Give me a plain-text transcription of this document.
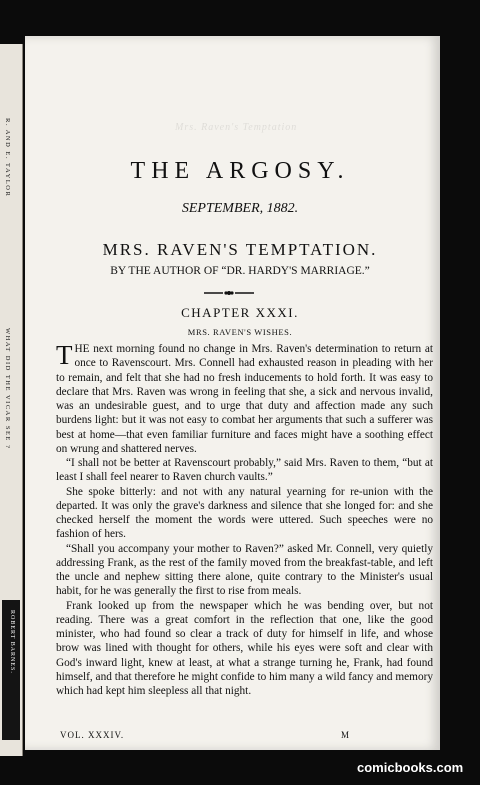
R. AND E. TAYLOR
WHAT DID THE VICAR SEE ?
ROBERT BARNES.
Mrs. Raven's Temptation
THE ARGOSY.
SEPTEMBER, 1882.
MRS. RAVEN'S TEMPTATION.
BY THE AUTHOR OF “DR. HARDY'S MARRIAGE.”
CHAPTER XXXI.
MRS. RAVEN'S WISHES.

THE next morning found no change in Mrs. Raven's determination to return at once to Ravenscourt. Mrs. Connell had exhausted reason in pleading with her to remain, and felt that she had no fresh inducements to hold forth. It was easy to declare that Mrs. Raven was wrong in feeling that she, a sick and nervous invalid, was an undesirable guest, and to urge that duty and affection made any such burdens light: but it was not easy to combat her arguments that such a sufferer was best at home—that even familiar furniture and faces might have a soothing effect on wrung and shattered nerves.

“I shall not be better at Ravenscourt probably,” said Mrs. Raven to them, “but at least I shall feel nearer to Raven church vaults.”

She spoke bitterly: and not with any natural yearning for re-union with the departed. It was only the grave's darkness and silence that she longed for: and she checked herself the moment the words were uttered. Such speeches were no fashion of hers.

“Shall you accompany your mother to Raven?” asked Mr. Connell, very quietly addressing Frank, as the rest of the family moved from the breakfast-table, and left the uncle and nephew sitting there alone, quite contrary to the Minister's usual habit, for he was generally the first to rise from meals.

Frank looked up from the newspaper which he was bending over, but not reading. There was a great comfort in the reflection that one, like the good minister, who had found so clear a track of duty for himself in life, and whose brow was lined with thought for others, while his eyes were soft and clear with God's inward light, knew at least, at what a strange turning he, Frank, had found himself, and that therefore he might confide to him many a wild fancy and memory which had kept him sleepless all that night.

VOL. XXXIV.	M
comicbooks.com
